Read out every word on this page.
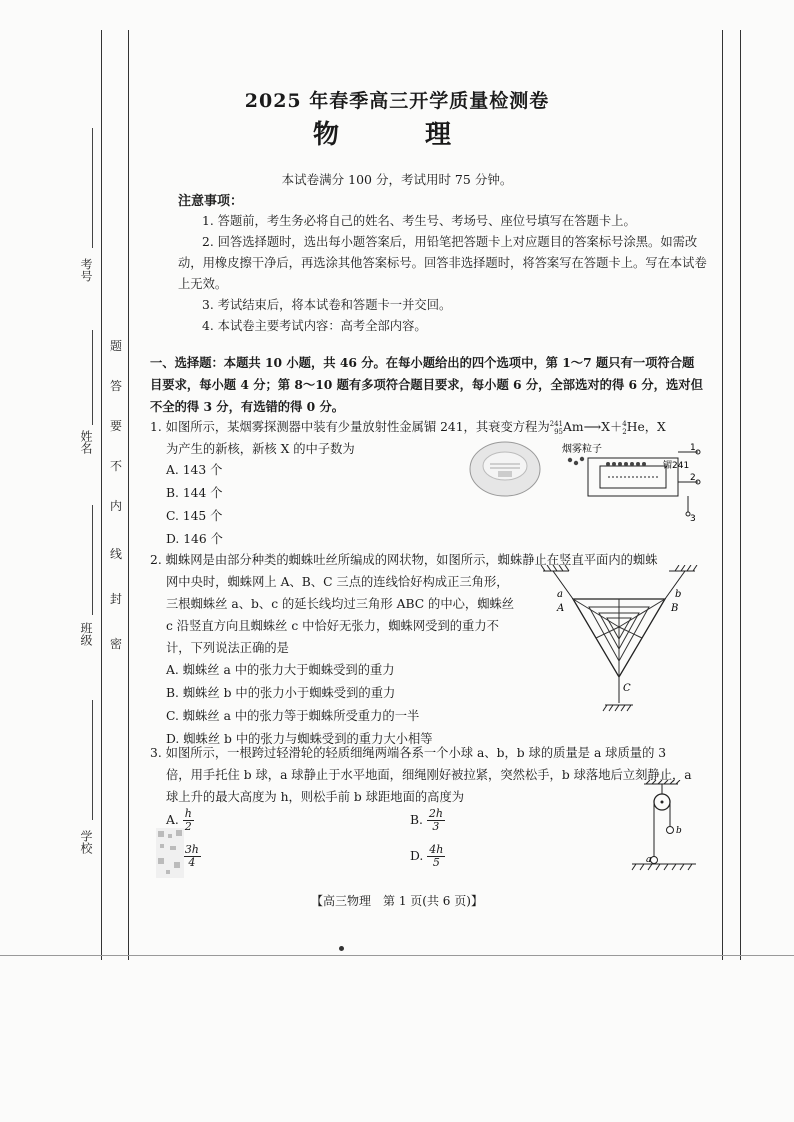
考号
姓名
班级
学校
题
答
要
不
内
线
封
密
2025 年春季高三开学质量检测卷
物　理
本试卷满分 100 分，考试用时 75 分钟。
注意事项：

1. 答题前，考生务必将自己的姓名、考生号、考场号、座位号填写在答题卡上。

2. 回答选择题时，选出每小题答案后，用铅笔把答题卡上对应题目的答案标号涂黑。如需改动，用橡皮擦干净后，再选涂其他答案标号。回答非选择题时，将答案写在答题卡上。写在本试卷上无效。

3. 考试结束后，将本试卷和答题卡一并交回。

4. 本试卷主要考试内容：高考全部内容。

一、选择题：本题共 10 小题，共 46 分。在每小题给出的四个选项中，第 1～7 题只有一项符合题目要求，每小题 4 分；第 8～10 题有多项符合题目要求，每小题 6 分，全部选对的得 6 分，选对但不全的得 3 分，有选错的得 0 分。
1. 如图所示，某烟雾探测器中装有少量放射性金属镅 241，其衰变方程为 241
95 Am⟶X＋ 4
2 He，X
为产生的新核，新核 X 的中子数为
A. 143 个
B. 144 个
C. 145 个
D. 146 个
烟雾粒子
镅241
1
2
3
2. 蜘蛛网是由部分种类的蜘蛛吐丝所编成的网状物，如图所示，蜘蛛静止在竖直平面内的蜘蛛
网中央时，蜘蛛网上 A、B、C 三点的连线恰好构成正三角形，
三根蜘蛛丝 a、b、c 的延长线均过三角形 ABC 的中心，蜘蛛丝
c 沿竖直方向且蜘蛛丝 c 中恰好无张力，蜘蛛网受到的重力不
计，下列说法正确的是
A. 蜘蛛丝 a 中的张力大于蜘蛛受到的重力
B. 蜘蛛丝 b 中的张力小于蜘蛛受到的重力
C. 蜘蛛丝 a 中的张力等于蜘蛛所受重力的一半
D. 蜘蛛丝 b 中的张力与蜘蛛受到的重力大小相等
a	b
A	B
C
3. 如图所示，一根跨过轻滑轮的轻质细绳两端各系一个小球 a、b，b 球的质量是 a 球质量的 3
倍，用手托住 b 球，a 球静止于水平地面，细绳刚好被拉紧，突然松手，b 球落地后立刻静止，a
球上升的最大高度为 h，则松手前 b 球距地面的高度为
A. $\frac{h}{2}$	B. $\frac{2h}{3}$
$\frac{3h}{4}$	D. $\frac{4h}{5}$
b
a
【高三物理　第 1 页(共 6 页)】
